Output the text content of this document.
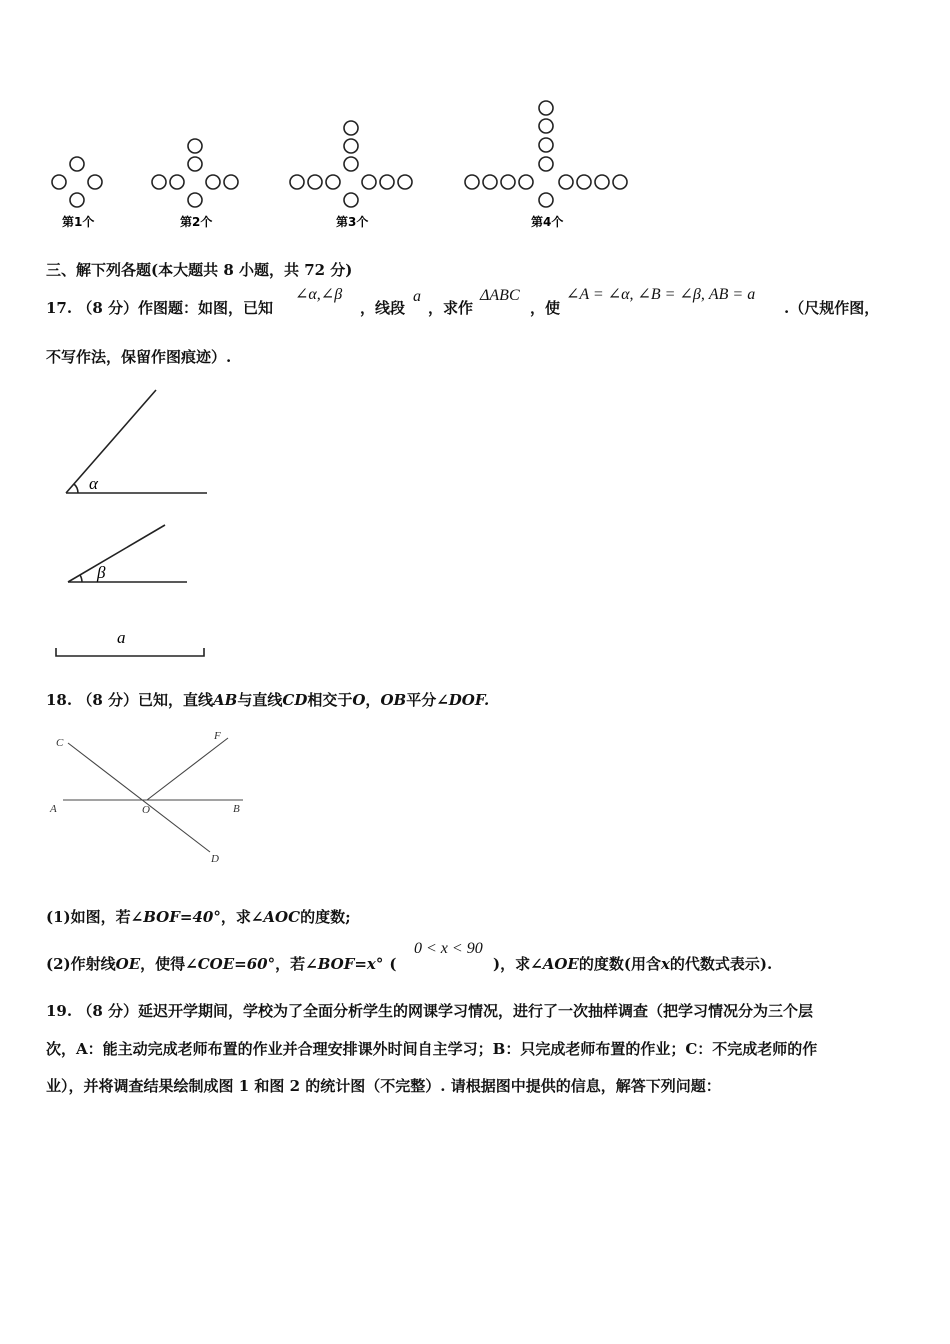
第1个	第2个	第3个	第4个
三、解下列各题(本大题共 8 小题，共 72 分)
17. （8 分）作图题：如图，已知
∠α,∠β
，线段
a
，求作
ΔABC
，使
∠A = ∠α, ∠B = ∠β, AB = a
.（尺规作图，
不写作法，保留作图痕迹）.
α
β
a
18. （8 分）已知，直线AB与直线CD相交于O，OB平分∠DOF.
C
F
A	O	B
D
(1)如图，若∠BOF=40°，求∠AOC的度数;
(2)作射线OE，使得∠COE=60°，若∠BOF=x° (
0 < x < 90
)，求∠AOE的度数(用含x的代数式表示).
19. （8 分）延迟开学期间，学校为了全面分析学生的网课学习情况，进行了一次抽样调查（把学习情况分为三个层
次，A：能主动完成老师布置的作业并合理安排课外时间自主学习；B：只完成老师布置的作业；C：不完成老师的作
业），并将调查结果绘制成图 1 和图 2 的统计图（不完整）. 请根据图中提供的信息，解答下列问题：
